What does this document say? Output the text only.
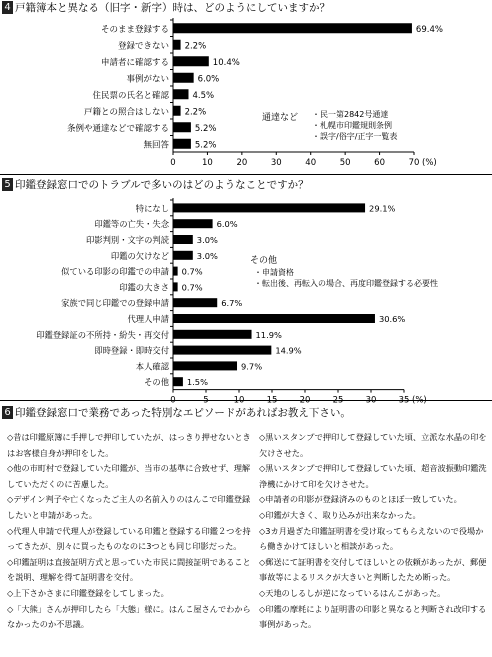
4 戸籍簿本と異なる（旧字・新字）時は、どのようにしていますか？
そのまま登録する	69.4%
登録できない 2.2%
申請者に確認する	10.4%
事例がない	6.0%
住民票の氏名と確認	4.5%
戸籍との照合はしない 2.2%
条例や通達などで確認する	5.2%
無回答	5.2%
0	10	20	30	40	50	60	70 (%)
通達など ・民一第2842号通達
・札幌市印鑑規則条例
・誤字/俗字/正字一覧表
5 印鑑登録窓口でのトラブルで多いのはどのようなことですか？
特になし	29.1%
印鑑等の亡失・失念	6.0%
印影判別・文字の判読	3.0%
印鑑の欠けなど	3.0%
似ている印影の印鑑での申請 0.7%
印鑑の大きさ 0.7%
家族で同じ印鑑での登録申請	6.7%
代理人申請	30.6%
印鑑登録証の不所持・紛失・再交付	11.9%
即時登録・即時交付	14.9%
本人確認	9.7%
その他 1.5%
0	5	10	15	20	25	30	35 (%)
その他
・申請資格
・転出後、再転入の場合、再度印鑑登録する必要性
6 印鑑登録窓口で業務であった特別なエピソードがあればお教え下さい。
◇昔は印鑑原簿に手押しで押印していたが、はっきり押せないときはお客様自身が押印をした。
◇他の市町村で登録していた印鑑が、当市の基準に合致せず、理解していただくのに苦慮した。
◇デザイン判子や亡くなったご主人の名前入りのはんこで印鑑登録したいと申請があった。
◇代理人申請で代理人が登録している印鑑と登録する印鑑２つを持ってきたが、別々に買ったものなのに3つとも同じ印影だった。
◇印鑑証明は直接証明方式と思っていた市民に間接証明であることを説明、理解を得て証明書を交付。
◇上下さかさまに印鑑登録をしてしまった。
◇「大熊」さんが押印したら「大態」様に。はんこ屋さんでわからなかったのか不思議。
◇黒いスタンプで押印して登録していた頃、立派な水晶の印を欠けさせた。
◇黒いスタンプで押印して登録していた頃、超音波振動印鑑洗浄機にかけて印を欠けさせた。
◇申請者の印影が登録済みのものとほぼ一致していた。
◇印鑑が大きく、取り込みが出来なかった。
◇3カ月過ぎた印鑑証明書を受け取ってもらえないので役場から働きかけてほしいと相談があった。
◇郵送にて証明書を交付してほしいとの依頼があったが、郵便事故等によるリスクが大きいと判断したため断った。
◇天地のしるしが逆になっているはんこがあった。
◇印鑑の摩耗により証明書の印影と異なると判断され改印する事例があった。
